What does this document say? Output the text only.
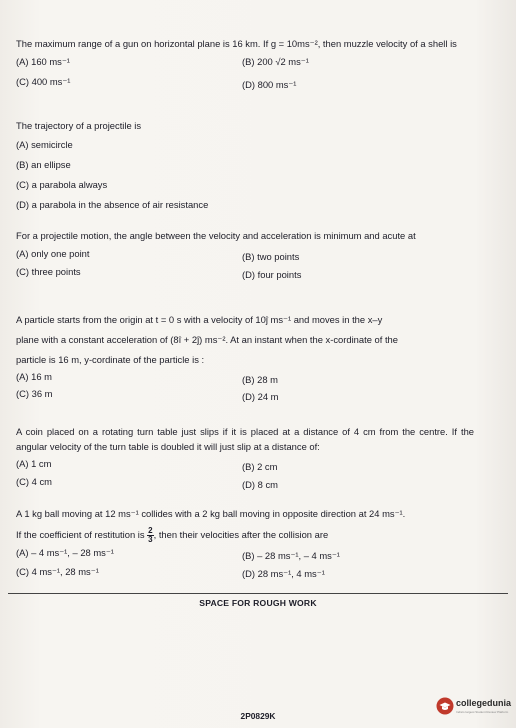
The maximum range of a gun on horizontal plane is 16 km. If g = 10ms⁻², then muzzle velocity of a shell is
(A) 160 ms⁻¹	(B) 200 √2 ms⁻¹
(C) 400 ms⁻¹	(D) 800 ms⁻¹
The trajectory of a projectile is
(A) semicircle
(B) an ellipse
(C) a parabola always
(D) a parabola in the absence of air resistance
For a projectile motion, the angle between the velocity and acceleration is minimum and acute at
(A) only one point	(B) two points
(C) three points	(D) four points
A particle starts from the origin at t = 0 s with a velocity of 10ĵ ms⁻¹ and moves in the x–y
plane with a constant acceleration of (8î + 2ĵ) ms⁻². At an instant when the x-cordinate of the
particle is 16 m, y-cordinate of the particle is :
(A) 16 m	(B) 28 m
(C) 36 m	(D) 24 m
A coin placed on a rotating turn table just slips if it is placed at a distance of 4 cm from the centre. If the angular velocity of the turn table is doubled it will just slip at a distance of:
(A) 1 cm	(B) 2 cm
(C) 4 cm	(D) 8 cm
A 1 kg ball moving at 12 ms⁻¹ collides with a 2 kg ball moving in opposite direction at 24 ms⁻¹.
If the coefficient of restitution is $\frac{2}{3}$ , then their velocities after the collision are
(A) – 4 ms⁻¹, – 28 ms⁻¹	(B) – 28 ms⁻¹, – 4 ms⁻¹
(C) 4 ms⁻¹, 28 ms⁻¹	(D) 28 ms⁻¹, 4 ms⁻¹
SPACE FOR ROUGH WORK
2P0829K
collegedunia
India's largest Student Review Platform
